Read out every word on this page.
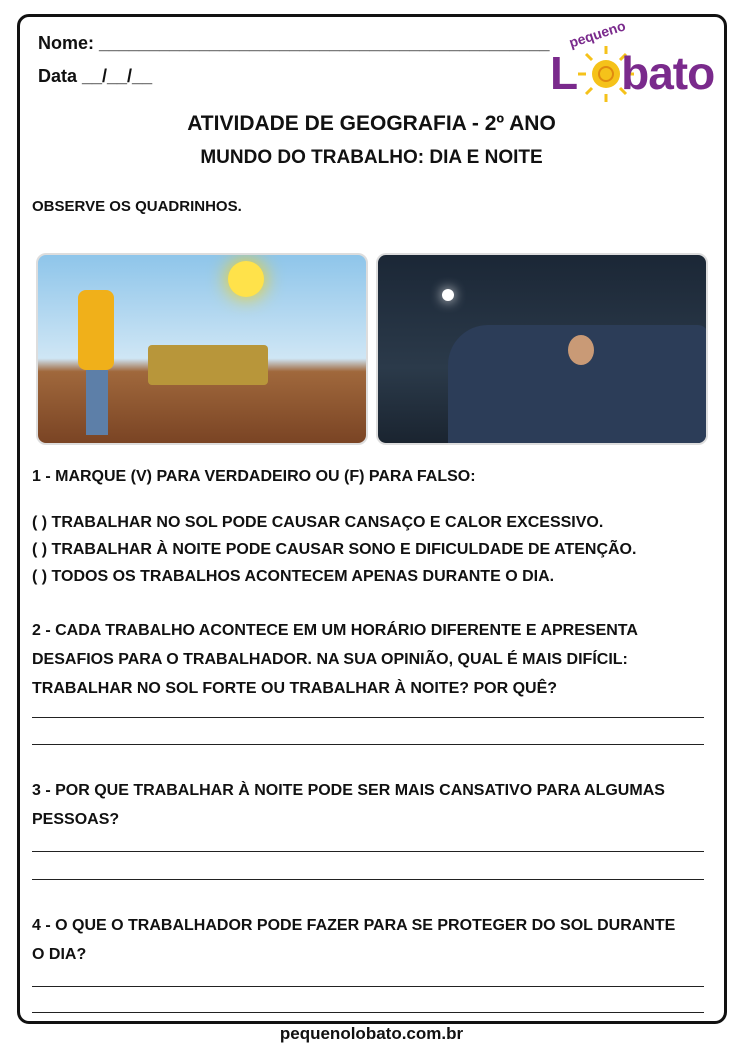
Nome: _____________________________________________
Data __/__/__
pequeno
L bato
ATIVIDADE DE GEOGRAFIA - 2º ANO
MUNDO DO TRABALHO: DIA E NOITE
OBSERVE OS QUADRINHOS.
1 - MARQUE (V) PARA VERDADEIRO OU (F) PARA FALSO:
( ) TRABALHAR NO SOL PODE CAUSAR CANSAÇO E CALOR EXCESSIVO.
( ) TRABALHAR À NOITE PODE CAUSAR SONO E DIFICULDADE DE ATENÇÃO.
( ) TODOS OS TRABALHOS ACONTECEM APENAS DURANTE O DIA.
2 - CADA TRABALHO ACONTECE EM UM HORÁRIO DIFERENTE E APRESENTA DESAFIOS PARA O TRABALHADOR. NA SUA OPINIÃO, QUAL É MAIS DIFÍCIL: TRABALHAR NO SOL FORTE OU TRABALHAR À NOITE? POR QUÊ?
3 - POR QUE TRABALHAR À NOITE PODE SER MAIS CANSATIVO PARA ALGUMAS PESSOAS?
4 - O QUE O TRABALHADOR PODE FAZER PARA SE PROTEGER DO SOL DURANTE O DIA?
pequenolobato.com.br
